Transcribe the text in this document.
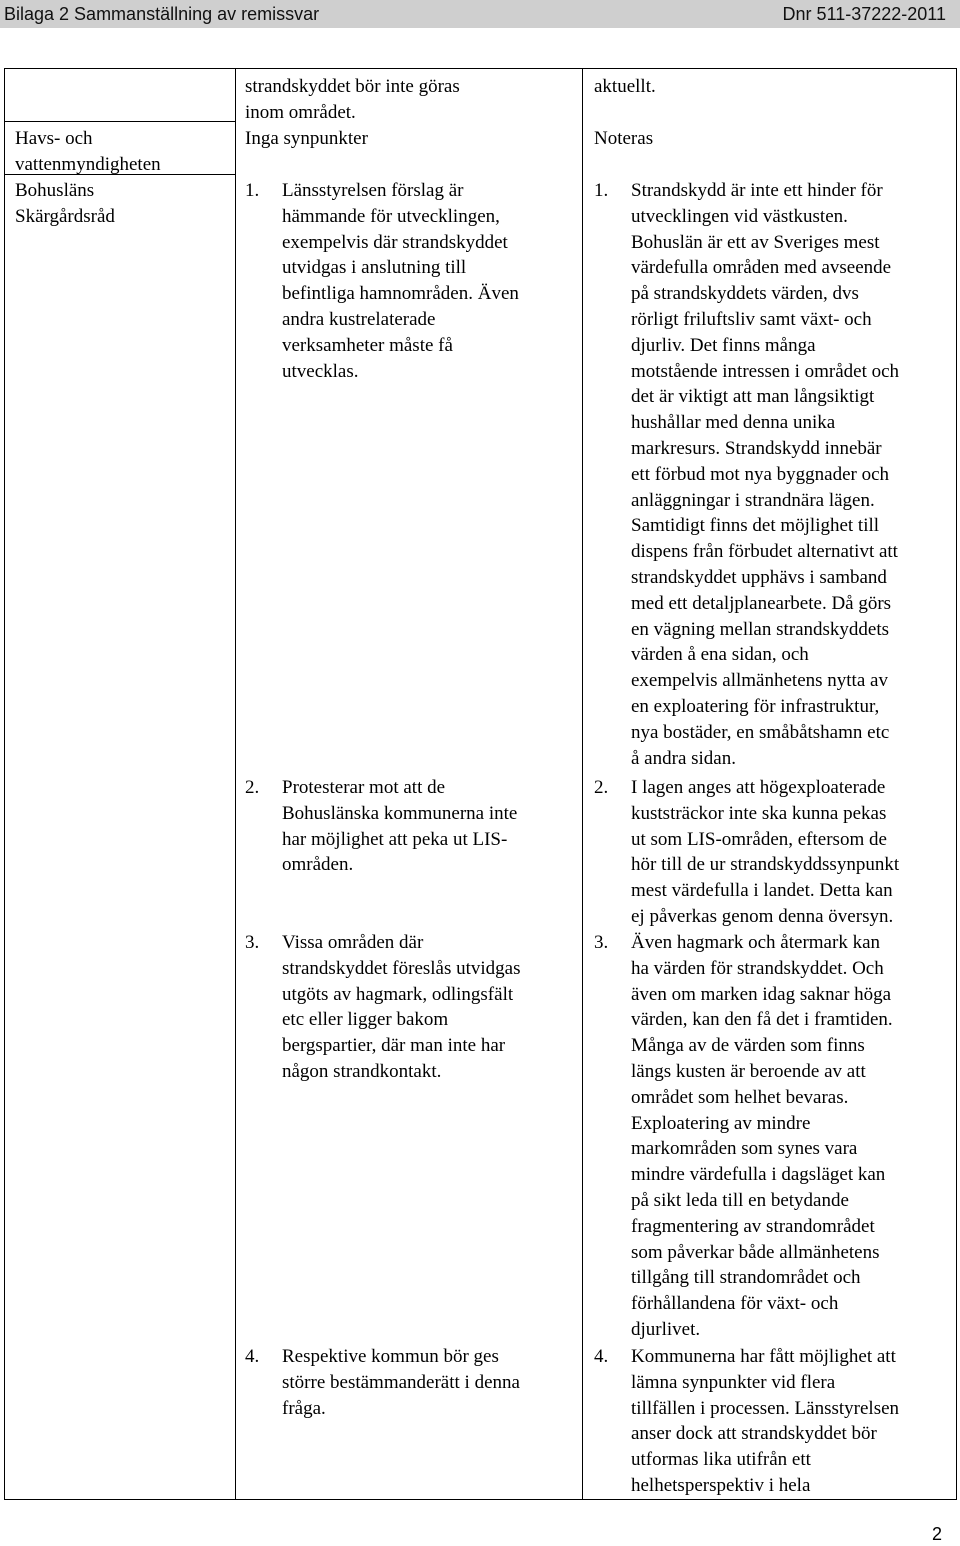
Bilaga 2 Sammanställning av remissvar	Dnr 511-37222-2011
strandskyddet bör inte göras
inom området.
aktuellt.
Havs- och
vattenmyndigheten
Inga synpunkter	Noteras
Bohusläns
Skärgårdsråd
1. Länsstyrelsen förslag är
hämmande för utvecklingen,
exempelvis där strandskyddet
utvidgas i anslutning till
befintliga hamnområden. Även
andra kustrelaterade
verksamheter måste få
utvecklas.
2. Protesterar mot att de
Bohuslänska kommunerna inte
har möjlighet att peka ut LIS-
områden.
3. Vissa områden där
strandskyddet föreslås utvidgas
utgöts av hagmark, odlingsfält
etc eller ligger bakom
bergspartier, där man inte har
någon strandkontakt.
4. Respektive kommun bör ges
större bestämmanderätt i denna
fråga.
1. Strandskydd är inte ett hinder för
utvecklingen vid västkusten.
Bohuslän är ett av Sveriges mest
värdefulla områden med avseende
på strandskyddets värden, dvs
rörligt friluftsliv samt växt- och
djurliv. Det finns många
motstående intressen i området och
det är viktigt att man långsiktigt
hushållar med denna unika
markresurs. Strandskydd innebär
ett förbud mot nya byggnader och
anläggningar i strandnära lägen.
Samtidigt finns det möjlighet till
dispens från förbudet alternativt att
strandskyddet upphävs i samband
med ett detaljplanearbete. Då görs
en vägning mellan strandskyddets
värden å ena sidan, och
exempelvis allmänhetens nytta av
en exploatering för infrastruktur,
nya bostäder, en småbåtshamn etc
å andra sidan.
2. I lagen anges att högexploaterade
kuststräckor inte ska kunna pekas
ut som LIS-områden, eftersom de
hör till de ur strandskyddssynpunkt
mest värdefulla i landet. Detta kan
ej påverkas genom denna översyn.
3. Även hagmark och återmark kan
ha värden för strandskyddet. Och
även om marken idag saknar höga
värden, kan den få det i framtiden.
Många av de värden som finns
längs kusten är beroende av att
området som helhet bevaras.
Exploatering av mindre
markområden som synes vara
mindre värdefulla i dagsläget kan
på sikt leda till en betydande
fragmentering av strandområdet
som påverkar både allmänhetens
tillgång till strandområdet och
förhållandena för växt- och
djurlivet.
4. Kommunerna har fått möjlighet att
lämna synpunkter vid flera
tillfällen i processen. Länsstyrelsen
anser dock att strandskyddet bör
utformas lika utifrån ett
helhetsperspektiv i hela
2
